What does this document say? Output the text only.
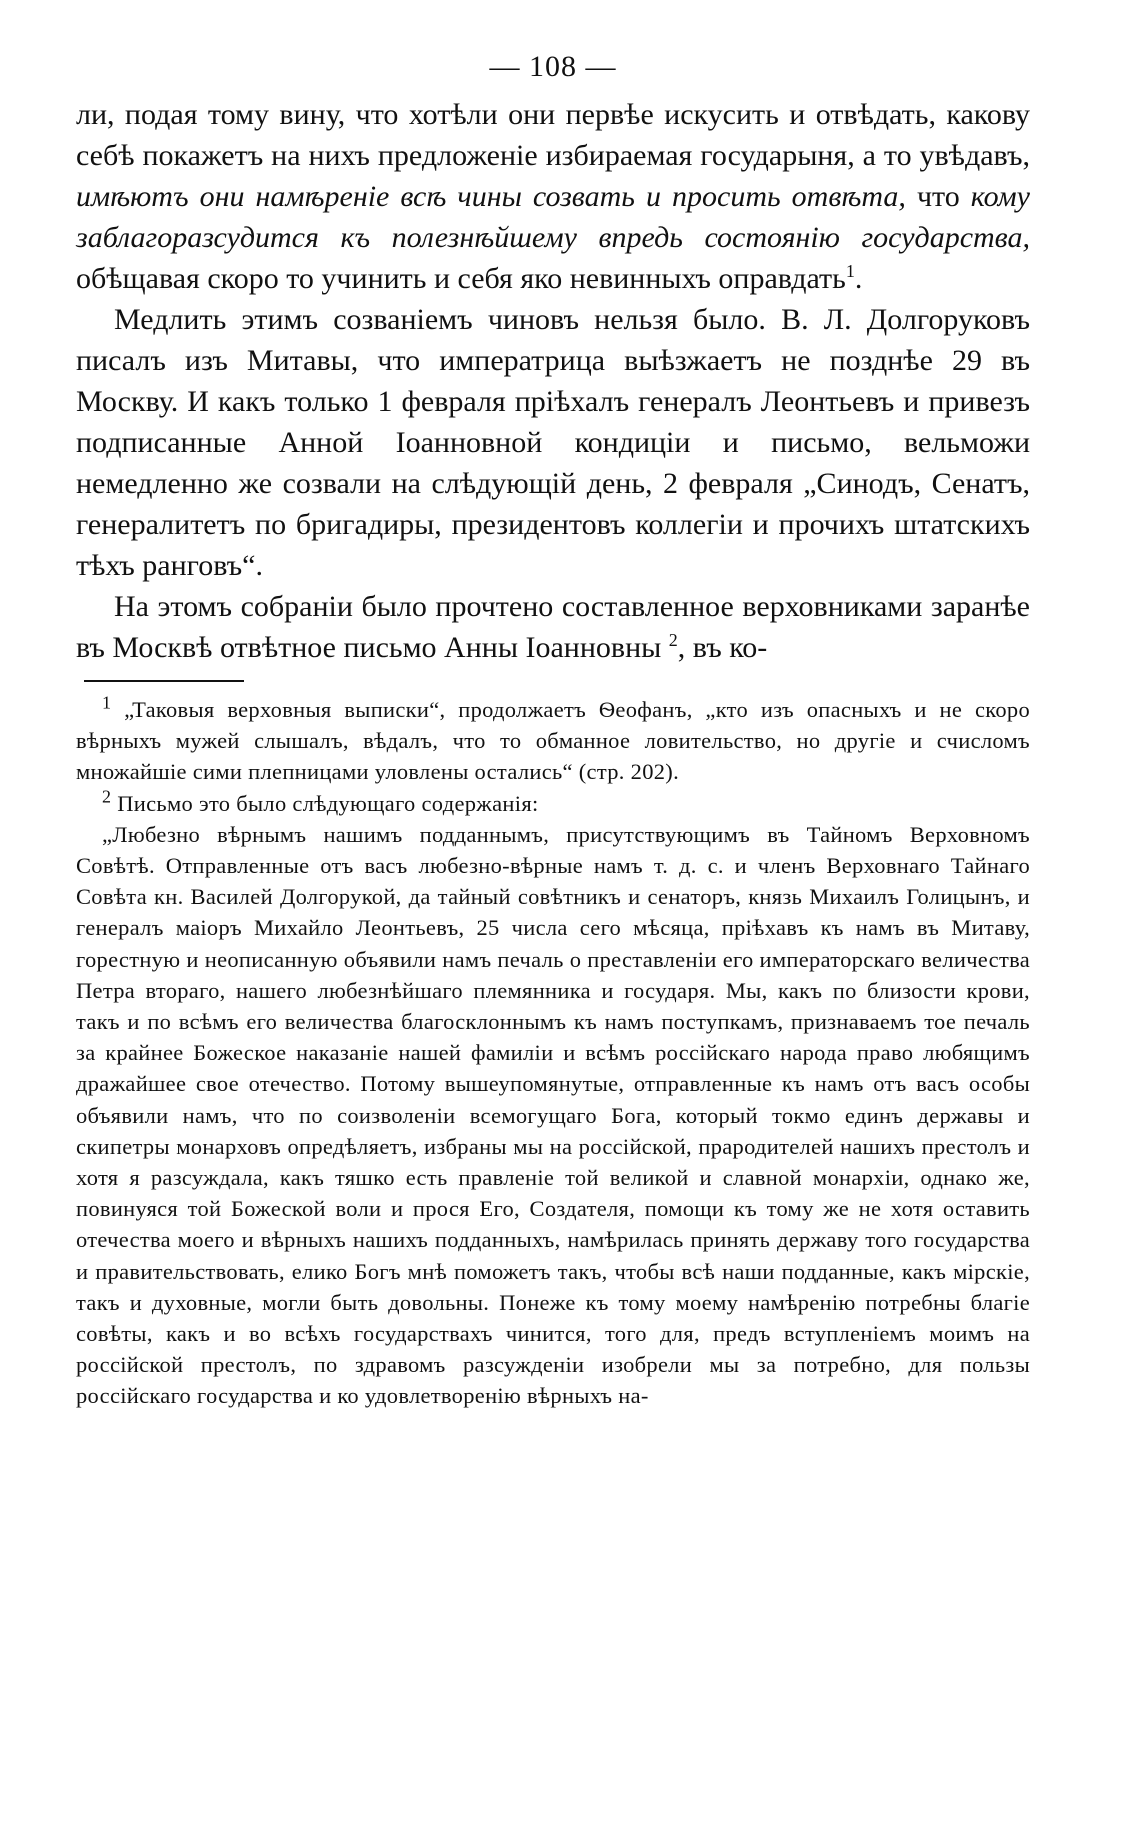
— 108 —

ли, подая тому вину, что хотѣли они первѣе искусить и отвѣдать, какову себѣ покажетъ на нихъ предложеніе избираемая государыня, а то увѣдавъ, имѣютъ они намѣреніе всѣ чины созвать и просить отвѣта, что кому заблагоразсудится къ полезнѣйшему впредь состоянію государства, обѣщавая скоро то учинить и себя яко невинныхъ оправдать$^1$.

Медлить этимъ созваніемъ чиновъ нельзя было. В. Л. Долгоруковъ писалъ изъ Митавы, что императрица выѣзжаетъ не позднѣе 29 въ Москву. И какъ только 1 февраля пріѣхалъ генералъ Леонтьевъ и привезъ подписанные Анной Іоанновной кондиціи и письмо, вельможи немедленно же созвали на слѣдующій день, 2 февраля „Синодъ, Сенатъ, генералитетъ по бригадиры, президентовъ коллегіи и прочихъ штатскихъ тѣхъ ранговъ“.

На этомъ собраніи было прочтено составленное верховниками заранѣе въ Москвѣ отвѣтное письмо Анны Іоанновны $^2$, въ ко-

$^1$ „Таковыя верховныя выписки“, продолжаетъ Ѳеофанъ, „кто изъ опасныхъ и не скоро вѣрныхъ мужей слышалъ, вѣдалъ, что то обманное ловительство, но другіе и счисломъ множайшіе сими плепницами уловлены остались“ (стр. 202).

$^2$ Письмо это было слѣдующаго содержанія:

„Любезно вѣрнымъ нашимъ подданнымъ, присутствующимъ въ Тайномъ Верховномъ Совѣтѣ. Отправленные отъ васъ любезно-вѣрные намъ т. д. с. и членъ Верховнаго Тайнаго Совѣта кн. Василей Долгорукой, да тайный совѣтникъ и сенаторъ, князь Михаилъ Голицынъ, и генералъ маіоръ Михайло Леонтьевъ, 25 числа сего мѣсяца, пріѣхавъ къ намъ въ Митаву, горестную и неописанную объявили намъ печаль о преставленіи его императорскаго величества Петра втораго, нашего любезнѣйшаго племянника и государя. Мы, какъ по близости крови, такъ и по всѣмъ его величества благосклоннымъ къ намъ поступкамъ, признаваемъ тое печаль за крайнее Божеское наказаніе нашей фамиліи и всѣмъ россійскаго народа право любящимъ дражайшее свое отечество. Потому вышеупомянутые, отправленные къ намъ отъ васъ особы объявили намъ, что по соизволеніи всемогущаго Бога, который токмо единъ державы и скипетры монарховъ опредѣляетъ, избраны мы на россійской, прародителей нашихъ престолъ и хотя я разсуждала, какъ тяшко есть правленіе той великой и славной монархіи, однако же, повинуяся той Божеской воли и прося Его, Создателя, помощи къ тому же не хотя оставить отечества моего и вѣрныхъ нашихъ подданныхъ, намѣрилась принять державу того государства и правительствовать, елико Богъ мнѣ поможетъ такъ, чтобы всѣ наши подданные, какъ мірскіе, такъ и духовные, могли быть довольны. Понеже къ тому моему намѣренію потребны благіе совѣты, какъ и во всѣхъ государствахъ чинится, того для, предъ вступленіемъ моимъ на россійской престолъ, по здравомъ разсужденіи изобрели мы за потребно, для пользы россійскаго государства и ко удовлетворенію вѣрныхъ на-
